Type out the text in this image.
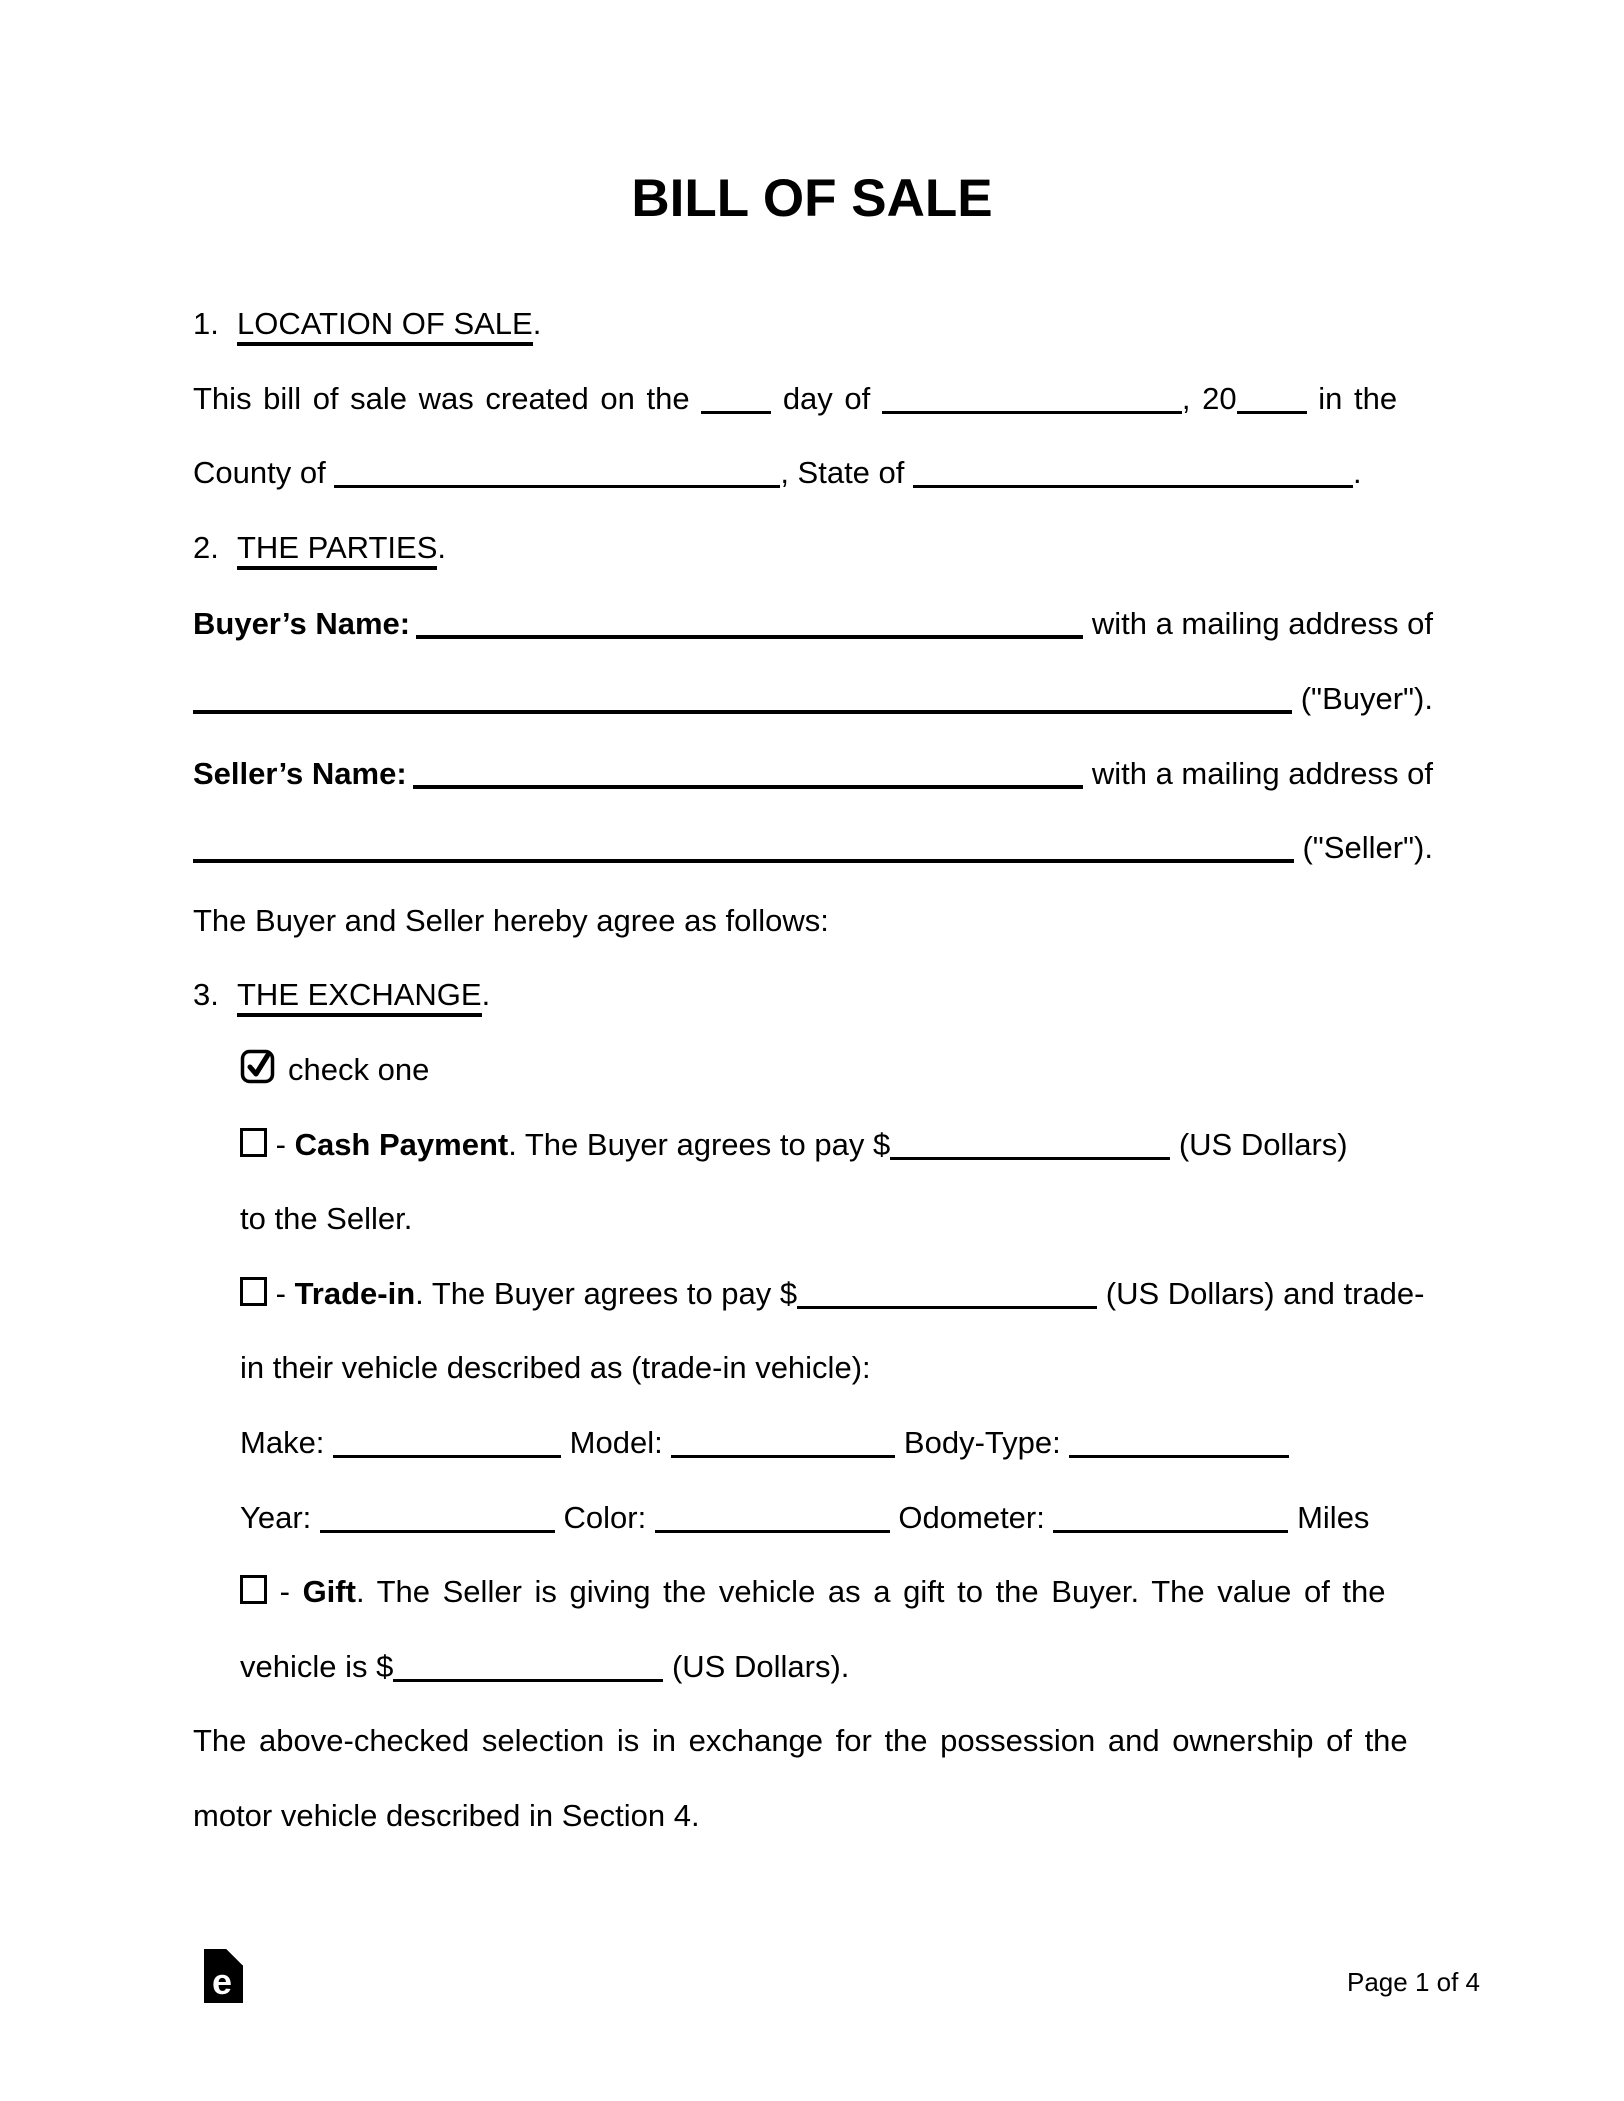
BILL OF SALE
1. LOCATION OF SALE.
This bill of sale was created on the  day of	, 20 in the
County of	, State of	.
2. THE PARTIES.
Buyer’s Name:	with a mailing address of
("Buyer").
Seller’s Name:	with a mailing address of
("Seller").
The Buyer and Seller hereby agree as follows:
3. THE EXCHANGE.
check one
- Cash Payment. The Buyer agrees to pay $	(US Dollars)
to the Seller.
- Trade-in. The Buyer agrees to pay $	(US Dollars) and trade-
in their vehicle described as (trade-in vehicle):
Make:	Model:	Body-Type:
Year:	Color:	Odometer:	Miles
- Gift. The Seller is giving the vehicle as a gift to the Buyer. The value of the
vehicle is $	(US Dollars).
The above-checked selection is in exchange for the possession and ownership of the
motor vehicle described in Section 4.
e	Page 1 of 4
